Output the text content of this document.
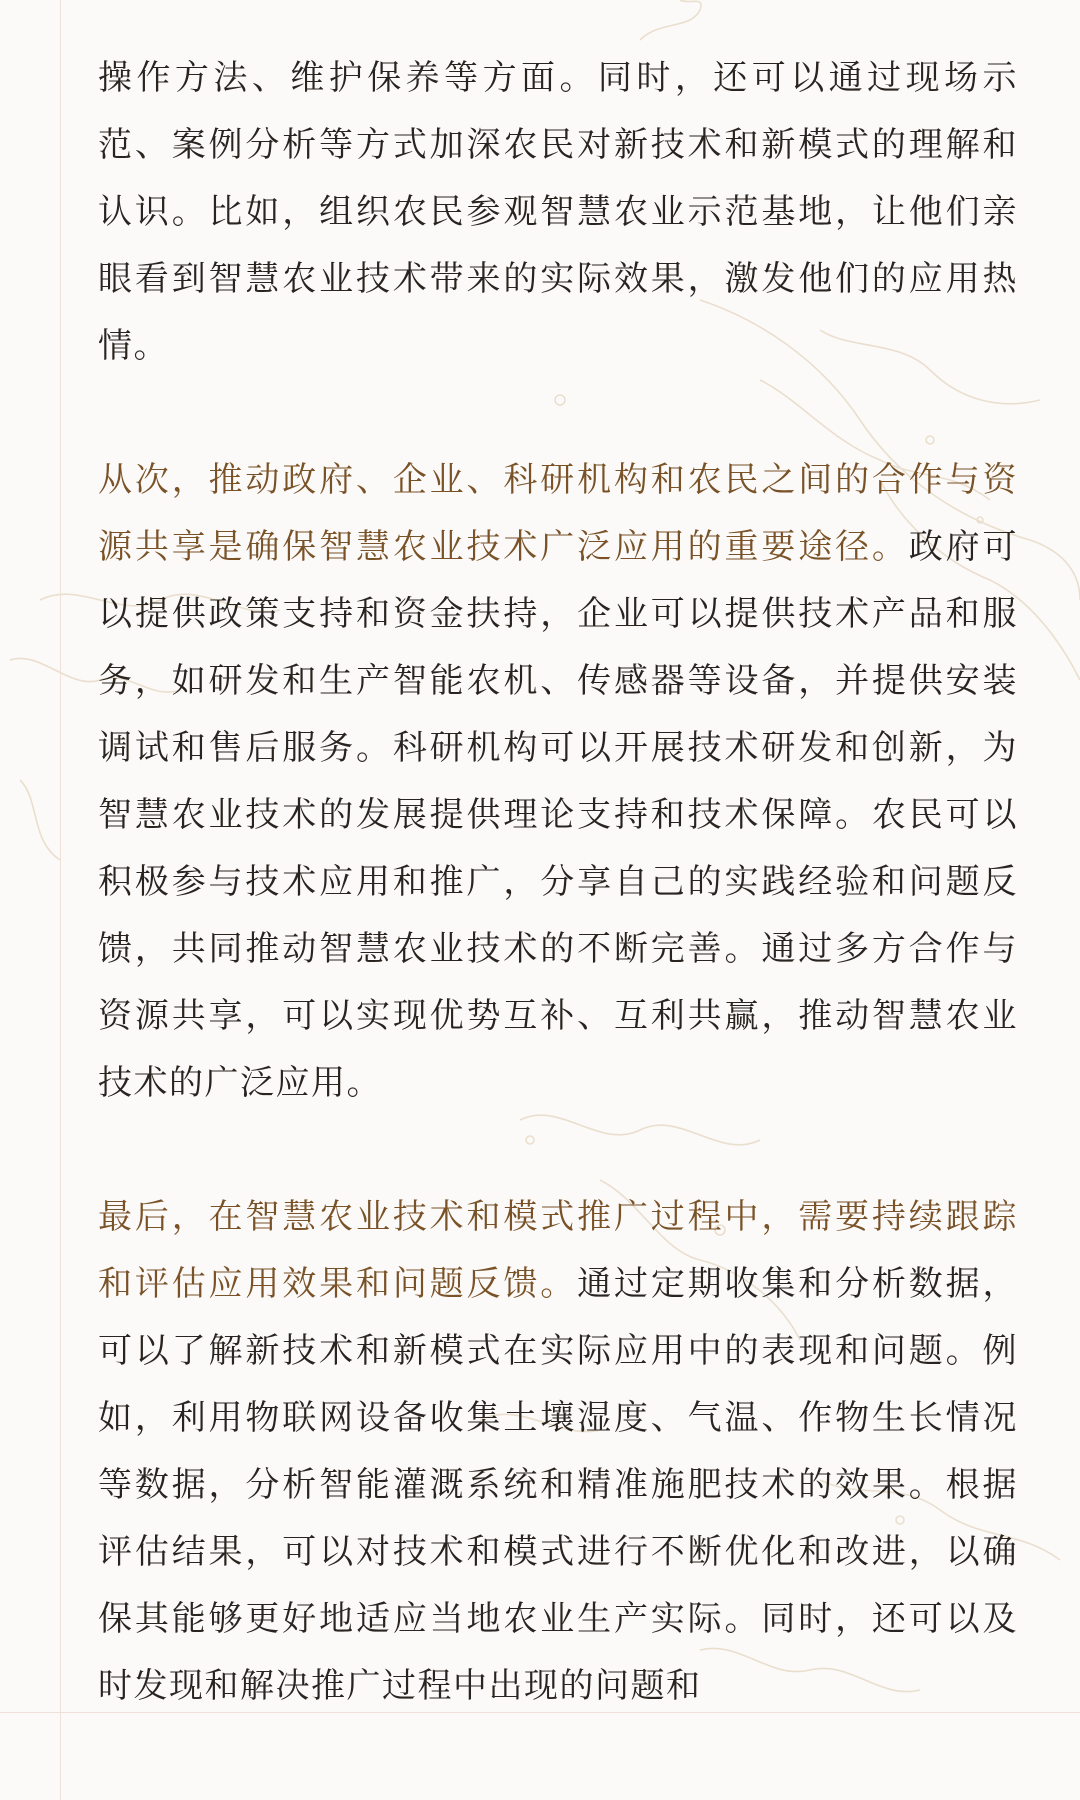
操作方法、维护保养等方面。同时，还可以通过现场示范、案例分析等方式加深农民对新技术和新模式的理解和认识。比如，组织农民参观智慧农业示范基地，让他们亲眼看到智慧农业技术带来的实际效果，激发他们的应用热情。

从次，推动政府、企业、科研机构和农民之间的合作与资源共享是确保智慧农业技术广泛应用的重要途径。政府可以提供政策支持和资金扶持，企业可以提供技术产品和服务，如研发和生产智能农机、传感器等设备，并提供安装调试和售后服务。科研机构可以开展技术研发和创新，为智慧农业技术的发展提供理论支持和技术保障。农民可以积极参与技术应用和推广，分享自己的实践经验和问题反馈，共同推动智慧农业技术的不断完善。通过多方合作与资源共享，可以实现优势互补、互利共赢，推动智慧农业技术的广泛应用。

最后，在智慧农业技术和模式推广过程中，需要持续跟踪和评估应用效果和问题反馈。通过定期收集和分析数据，可以了解新技术和新模式在实际应用中的表现和问题。例如，利用物联网设备收集土壤湿度、气温、作物生长情况等数据，分析智能灌溉系统和精准施肥技术的效果。根据评估结果，可以对技术和模式进行不断优化和改进，以确保其能够更好地适应当地农业生产实际。同时，还可以及时发现和解决推广过程中出现的问题和
